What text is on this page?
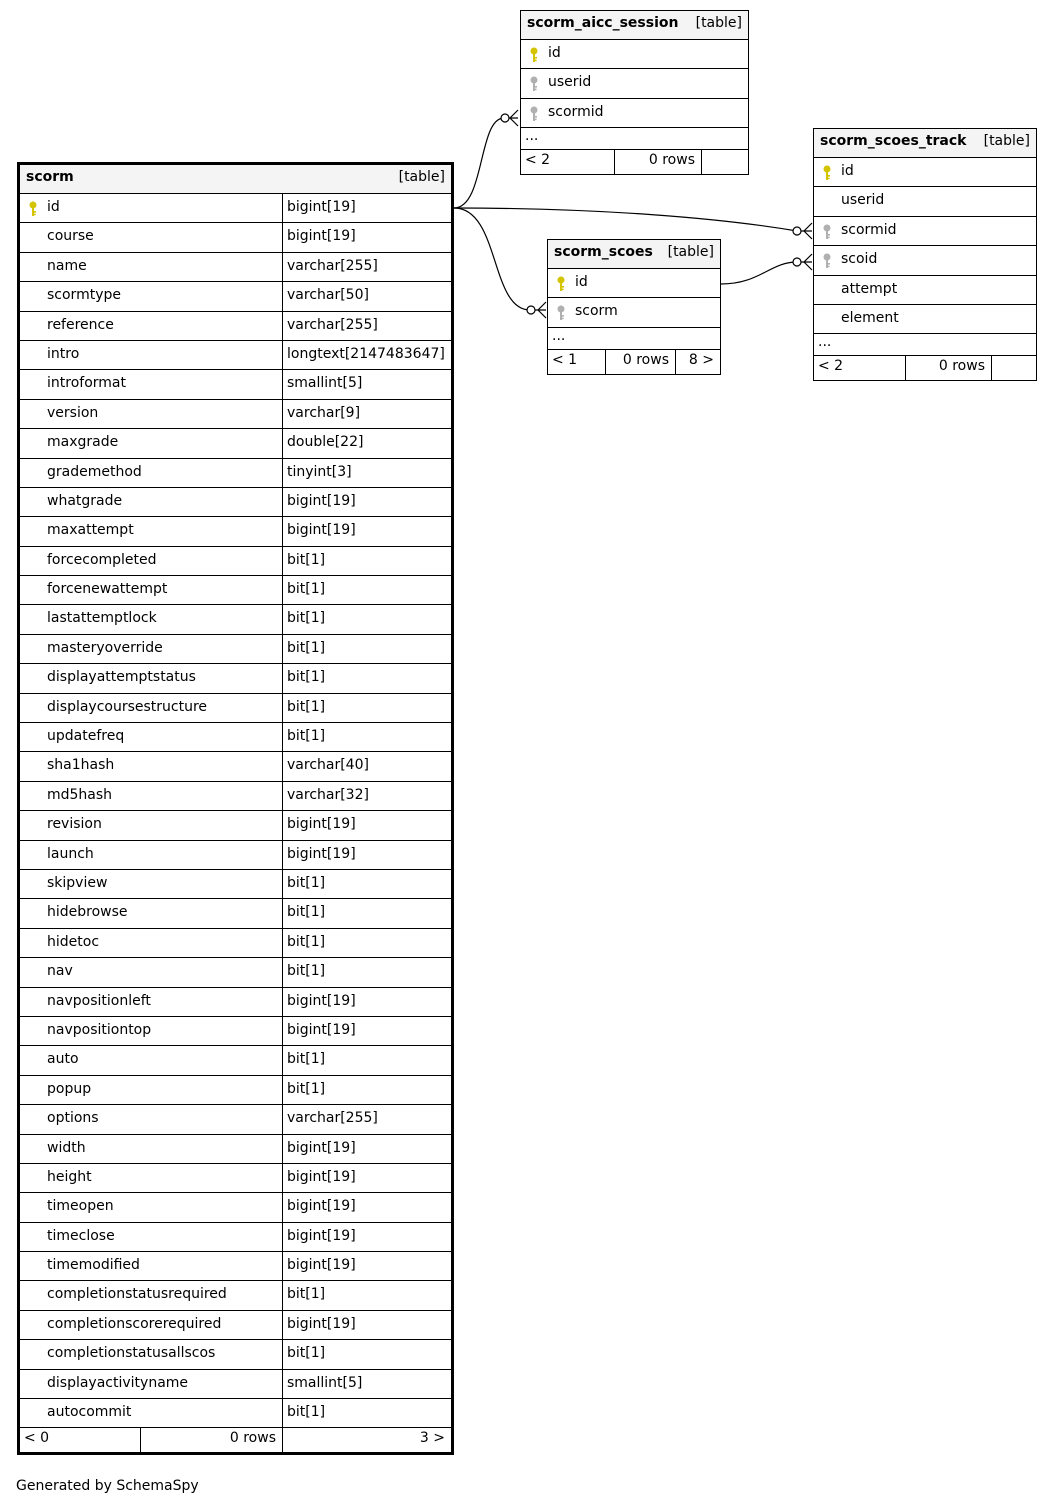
scorm	[table]
id	bigint[19]
course	bigint[19]
name	varchar[255]
scormtype	varchar[50]
reference	varchar[255]
intro	longtext[2147483647]
introformat	smallint[5]
version	varchar[9]
maxgrade	double[22]
grademethod	tinyint[3]
whatgrade	bigint[19]
maxattempt	bigint[19]
forcecompleted	bit[1]
forcenewattempt	bit[1]
lastattemptlock	bit[1]
masteryoverride	bit[1]
displayattemptstatus	bit[1]
displaycoursestructure	bit[1]
updatefreq	bit[1]
sha1hash	varchar[40]
md5hash	varchar[32]
revision	bigint[19]
launch	bigint[19]
skipview	bit[1]
hidebrowse	bit[1]
hidetoc	bit[1]
nav	bit[1]
navpositionleft	bigint[19]
navpositiontop	bigint[19]
auto	bit[1]
popup	bit[1]
options	varchar[255]
width	bigint[19]
height	bigint[19]
timeopen	bigint[19]
timeclose	bigint[19]
timemodified	bigint[19]
completionstatusrequired	bit[1]
completionscorerequired	bigint[19]
completionstatusallscos	bit[1]
displayactivityname	smallint[5]
autocommit	bit[1]
< 0	0 rows	3 >
scorm_aicc_session [table]
id
userid
scormid
...
< 2	0 rows
scorm_scoes [table]
id
scorm
...
< 1	0 rows	8 >
scorm_scoes_track [table]
id
userid
scormid
scoid
attempt
element
...
< 2	0 rows
Generated by SchemaSpy
